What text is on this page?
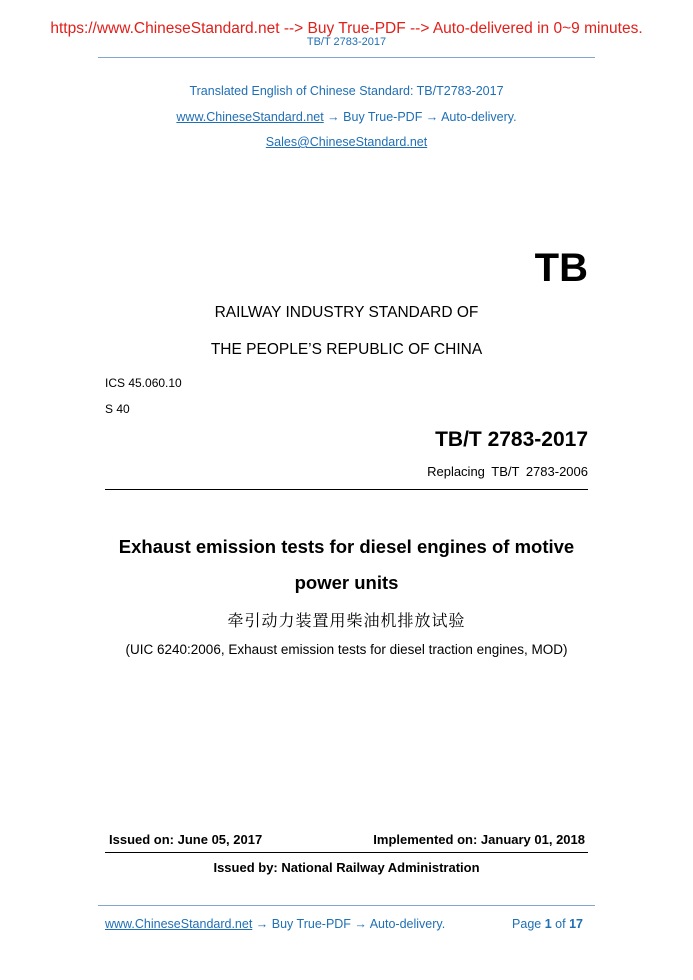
https://www.ChineseStandard.net --> Buy True-PDF --> Auto-delivered in 0~9 minutes.
TB/T 2783-2017
Translated English of Chinese Standard: TB/T2783-2017
www.ChineseStandard.net → Buy True-PDF → Auto-delivery.
Sales@ChineseStandard.net
TB
RAILWAY INDUSTRY STANDARD OF
THE PEOPLE’S REPUBLIC OF CHINA
ICS 45.060.10
S 40
TB/T 2783-2017
Replacing TB/T 2783-2006
Exhaust emission tests for diesel engines of motive
power units
牵引动力装置用柴油机排放试验
(UIC 6240:2006, Exhaust emission tests for diesel traction engines, MOD)
Issued on: June 05, 2017	Implemented on: January 01, 2018
Issued by: National Railway Administration
www.ChineseStandard.net → Buy True-PDF → Auto-delivery.	Page 1 of 17
